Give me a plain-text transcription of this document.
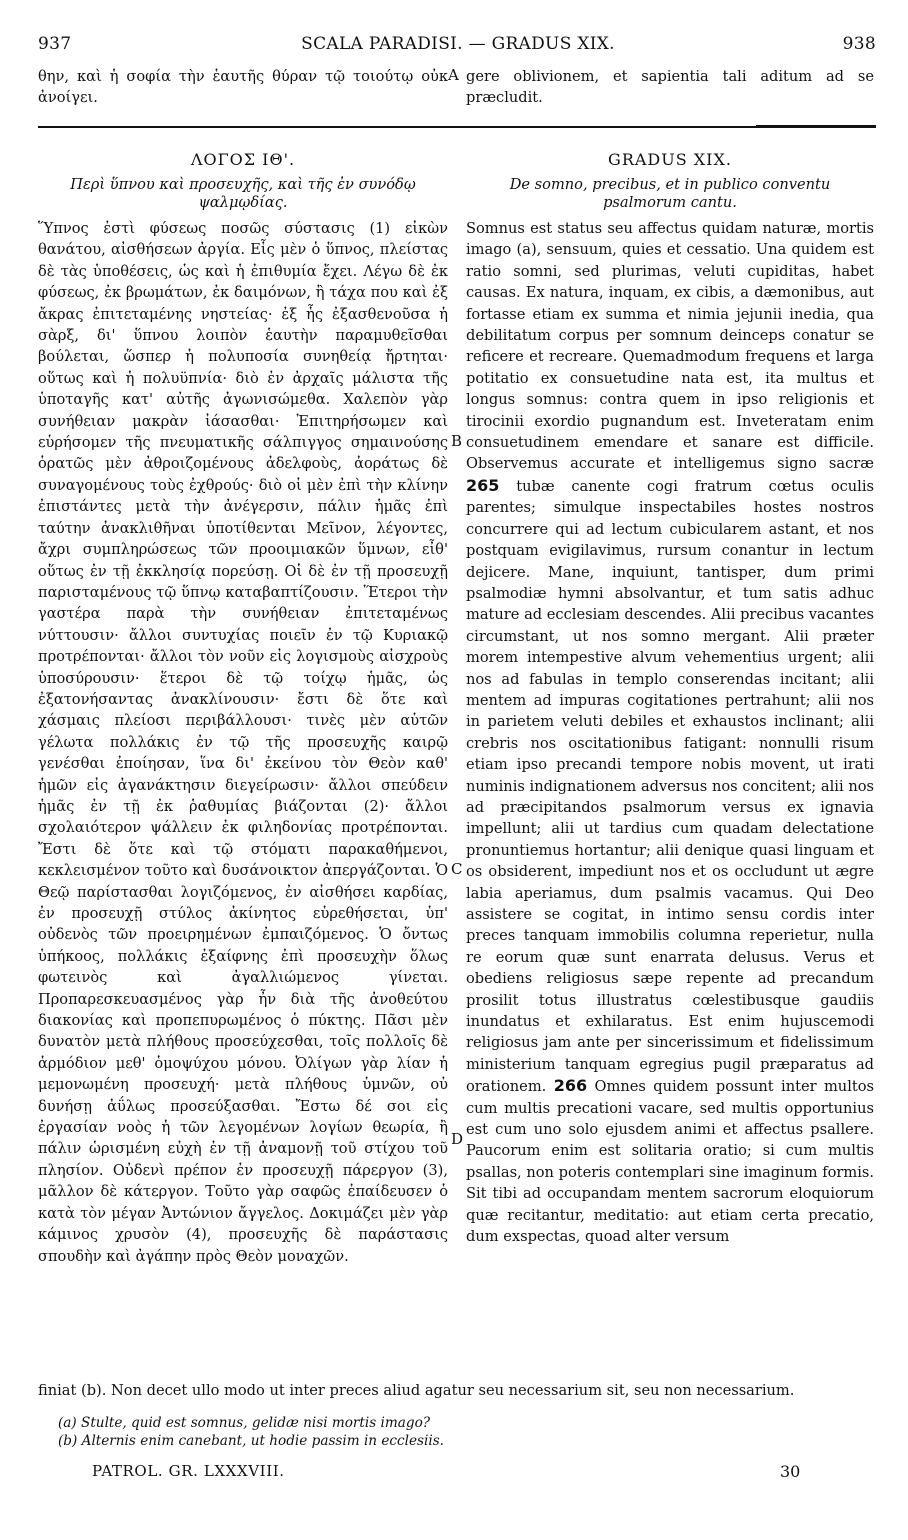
937	SCALA PARADISI. — GRADUS XIX.	938
θην, καὶ ἡ σοφία τὴν ἑαυτῆς θύραν τῷ τοιούτῳ οὐκ ἀνοίγει.
gere oblivionem, et sapientia tali aditum ad se præcludit.
ΛΟΓΟΣ ΙΘ'.	GRADUS XIX.
Περὶ ὕπνου καὶ προσευχῆς, καὶ τῆς ἐν συνόδῳ ψαλμῳδίας.
De somno, precibus, et in publico conventu psalmorum cantu.
Ὕπνος ἐστὶ φύσεως ποσῶς σύστασις (1) εἰκὼν θανάτου, αἰσθήσεων ἀργία. Εἷς μὲν ὁ ὕπνος, πλείστας δὲ τὰς ὑποθέσεις, ὡς καὶ ἡ ἐπιθυμία ἔχει. Λέγω δὲ ἐκ φύσεως, ἐκ βρωμάτων, ἐκ δαιμόνων, ἢ τάχα που καὶ ἐξ ἄκρας ἐπιτεταμένης νηστείας· ἐξ ἧς ἐξασθενοῦσα ἡ σὰρξ, δι' ὕπνου λοιπὸν ἑαυτὴν παραμυθεῖσθαι βούλεται, ὥσπερ ἡ πολυποσία συνηθείᾳ ἤρτηται· οὕτως καὶ ἡ πολυϋπνία· διὸ ἐν ἀρχαῖς μάλιστα τῆς ὑποταγῆς κατ' αὐτῆς ἀγωνισώμεθα. Χαλεπὸν γὰρ συνήθειαν μακρὰν ἰάσασθαι· Ἐπιτηρήσωμεν καὶ εὑρήσομεν τῆς πνευματικῆς σάλπιγγος σημαινούσης ὁρατῶς μὲν ἀθροιζομένους ἀδελφοὺς, ἀοράτως δὲ συναγομένους τοὺς ἐχθρούς· διὸ οἱ μὲν ἐπὶ τὴν κλίνην ἐπιστάντες μετὰ τὴν ἀνέγερσιν, πάλιν ἡμᾶς ἐπὶ ταύτην ἀνακλιθῆναι ὑποτίθενται Μεῖνον, λέγοντες, ἄχρι συμπληρώσεως τῶν προοιμιακῶν ὕμνων, εἶθ' οὕτως ἐν τῇ ἐκκλησίᾳ πορεύσῃ. Οἱ δὲ ἐν τῇ προσευχῇ παρισταμένους τῷ ὕπνῳ καταβαπτίζουσιν. Ἕτεροι τὴν γαστέρα παρὰ τὴν συνήθειαν ἐπιτεταμένως νύττουσιν· ἄλλοι συντυχίας ποιεῖν ἐν τῷ Κυριακῷ προτρέπονται· ἄλλοι τὸν νοῦν εἰς λογισμοὺς αἰσχροὺς ὑποσύρουσιν· ἕτεροι δὲ τῷ τοίχῳ ἡμᾶς, ὡς ἐξατονήσαντας ἀνακλίνουσιν· ἔστι δὲ ὅτε καὶ χάσμαις πλείοσι περιβάλλουσι· τινὲς μὲν αὐτῶν γέλωτα πολλάκις ἐν τῷ τῆς προσευχῆς καιρῷ γενέσθαι ἐποίησαν, ἵνα δι' ἐκείνου τὸν Θεὸν καθ' ἡμῶν εἰς ἀγανάκτησιν διεγείρωσιν· ἄλλοι σπεύδειν ἡμᾶς ἐν τῇ ἐκ ῥαθυμίας βιάζονται (2)· ἄλλοι σχολαιότερον ψάλλειν ἐκ φιληδονίας προτρέπονται. Ἔστι δὲ ὅτε καὶ τῷ στόματι παρακαθήμενοι, κεκλεισμένον τοῦτο καὶ δυσάνοικτον ἀπεργάζονται. Ὁ Θεῷ παρίστασθαι λογιζόμενος, ἐν αἰσθήσει καρδίας, ἐν προσευχῇ στύλος ἀκίνητος εὑρεθήσεται, ὑπ' οὐδενὸς τῶν προειρημένων ἐμπαιζόμενος. Ὁ ὄντως ὑπήκοος, πολλάκις ἐξαίφνης ἐπὶ προσευχὴν ὅλως φωτεινὸς καὶ ἀγαλλιώμενος γίνεται. Προπαρεσκευασμένος γὰρ ἦν διὰ τῆς ἀνοθεύτου διακονίας καὶ προπεπυρωμένος ὁ πύκτης. Πᾶσι μὲν δυνατὸν μετὰ πλήθους προσεύχεσθαι, τοῖς πολλοῖς δὲ ἁρμόδιον μεθ' ὁμοψύχου μόνου. Ὀλίγων γὰρ λίαν ἡ μεμονωμένη προσευχή· μετὰ πλήθους ὑμνῶν, οὐ δυνήσῃ ἀΰλως προσεύξασθαι. Ἔστω δέ σοι εἰς ἐργασίαν νοὸς ἡ τῶν λεγομένων λογίων θεωρία, ἢ πάλιν ὡρισμένη εὐχὴ ἐν τῇ ἀναμονῇ τοῦ στίχου τοῦ πλησίον. Οὐδενὶ πρέπον ἐν προσευχῇ πάρεργον (3), μᾶλλον δὲ κάτεργον. Τοῦτο γὰρ σαφῶς ἐπαίδευσεν ὁ κατὰ τὸν μέγαν Ἀντώνιον ἄγγελος. Δοκιμάζει μὲν γὰρ κάμινος χρυσὸν (4), προσευχῆς δὲ παράστασις σπουδὴν καὶ ἀγάπην πρὸς Θεὸν μοναχῶν.
Somnus est status seu affectus quidam naturæ, mortis imago (a), sensuum, quies et cessatio. Una quidem est ratio somni, sed plurimas, veluti cupiditas, habet causas. Ex natura, inquam, ex cibis, a dæmonibus, aut fortasse etiam ex summa et nimia jejunii inedia, qua debilitatum corpus per somnum deinceps conatur se reficere et recreare. Quemadmodum frequens et larga potitatio ex consuetudine nata est, ita multus et longus somnus: contra quem in ipso religionis et tirocinii exordio pugnandum est. Inveteratam enim consuetudinem emendare et sanare est difficile. Observemus accurate et intelligemus signo sacræ 265 tubæ canente cogi fratrum cœtus oculis parentes; simulque inspectabiles hostes nostros concurrere qui ad lectum cubicularem astant, et nos postquam evigilavimus, rursum conantur in lectum dejicere. Mane, inquiunt, tantisper, dum primi psalmodiæ hymni absolvantur, et tum satis adhuc mature ad ecclesiam descendes. Alii precibus vacantes circumstant, ut nos somno mergant. Alii præter morem intempestive alvum vehementius urgent; alii nos ad fabulas in templo conserendas incitant; alii mentem ad impuras cogitationes pertrahunt; alii nos in parietem veluti debiles et exhaustos inclinant; alii crebris nos oscitationibus fatigant: nonnulli risum etiam ipso precandi tempore nobis movent, ut irati numinis indignationem adversus nos concitent; alii nos ad præcipitandos psalmorum versus ex ignavia impellunt; alii ut tardius cum quadam delectatione pronuntiemus hortantur; alii denique quasi linguam et os obsiderent, impediunt nos et os occludunt ut ægre labia aperiamus, dum psalmis vacamus. Qui Deo assistere se cogitat, in intimo sensu cordis inter preces tanquam immobilis columna reperietur, nulla re eorum quæ sunt enarrata delusus. Verus et obediens religiosus sæpe repente ad precandum prosilit totus illustratus cœlestibusque gaudiis inundatus et exhilaratus. Est enim hujuscemodi religiosus jam ante per sincerissimum et fidelissimum ministerium tanquam egregius pugil præparatus ad orationem. 266 Omnes quidem possunt inter multos cum multis precationi vacare, sed multis opportunius est cum uno solo ejusdem animi et affectus psallere. Paucorum enim est solitaria oratio; si cum multis psallas, non poteris contemplari sine imaginum formis. Sit tibi ad occupandam mentem sacrorum eloquiorum quæ recitantur, meditatio: aut etiam certa precatio, dum exspectas, quoad alter versum
A
B
C
D
finiat (b). Non decet ullo modo ut inter preces aliud agatur seu necessarium sit, seu non necessarium.
(a) Stulte, quid est somnus, gelidæ nisi mortis imago?
(b) Alternis enim canebant, ut hodie passim in ecclesiis.
PATROL. GR. LXXXVIII.	30
